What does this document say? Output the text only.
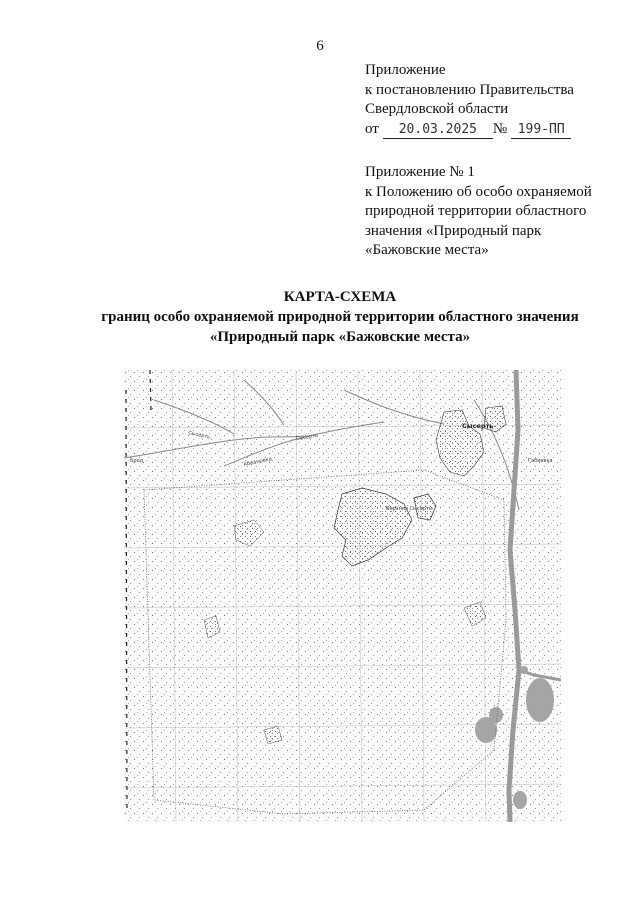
6
Приложение
к постановлению Правительства
Свердловской области
от	20.03.2025	№ 199-ПП
Приложение № 1
к Положению об особо охраняемой
природной территории областного
значения «Природный парк
«Бажовские места»
КАРТА-СХЕМА
границ особо охраняемой природной территории областного значения
«Природный парк «Бажовские места»
Сысерть
Верхняя Сысерть
Брод
Сысерть	Сысерть
Абрамовка	Габиевка
